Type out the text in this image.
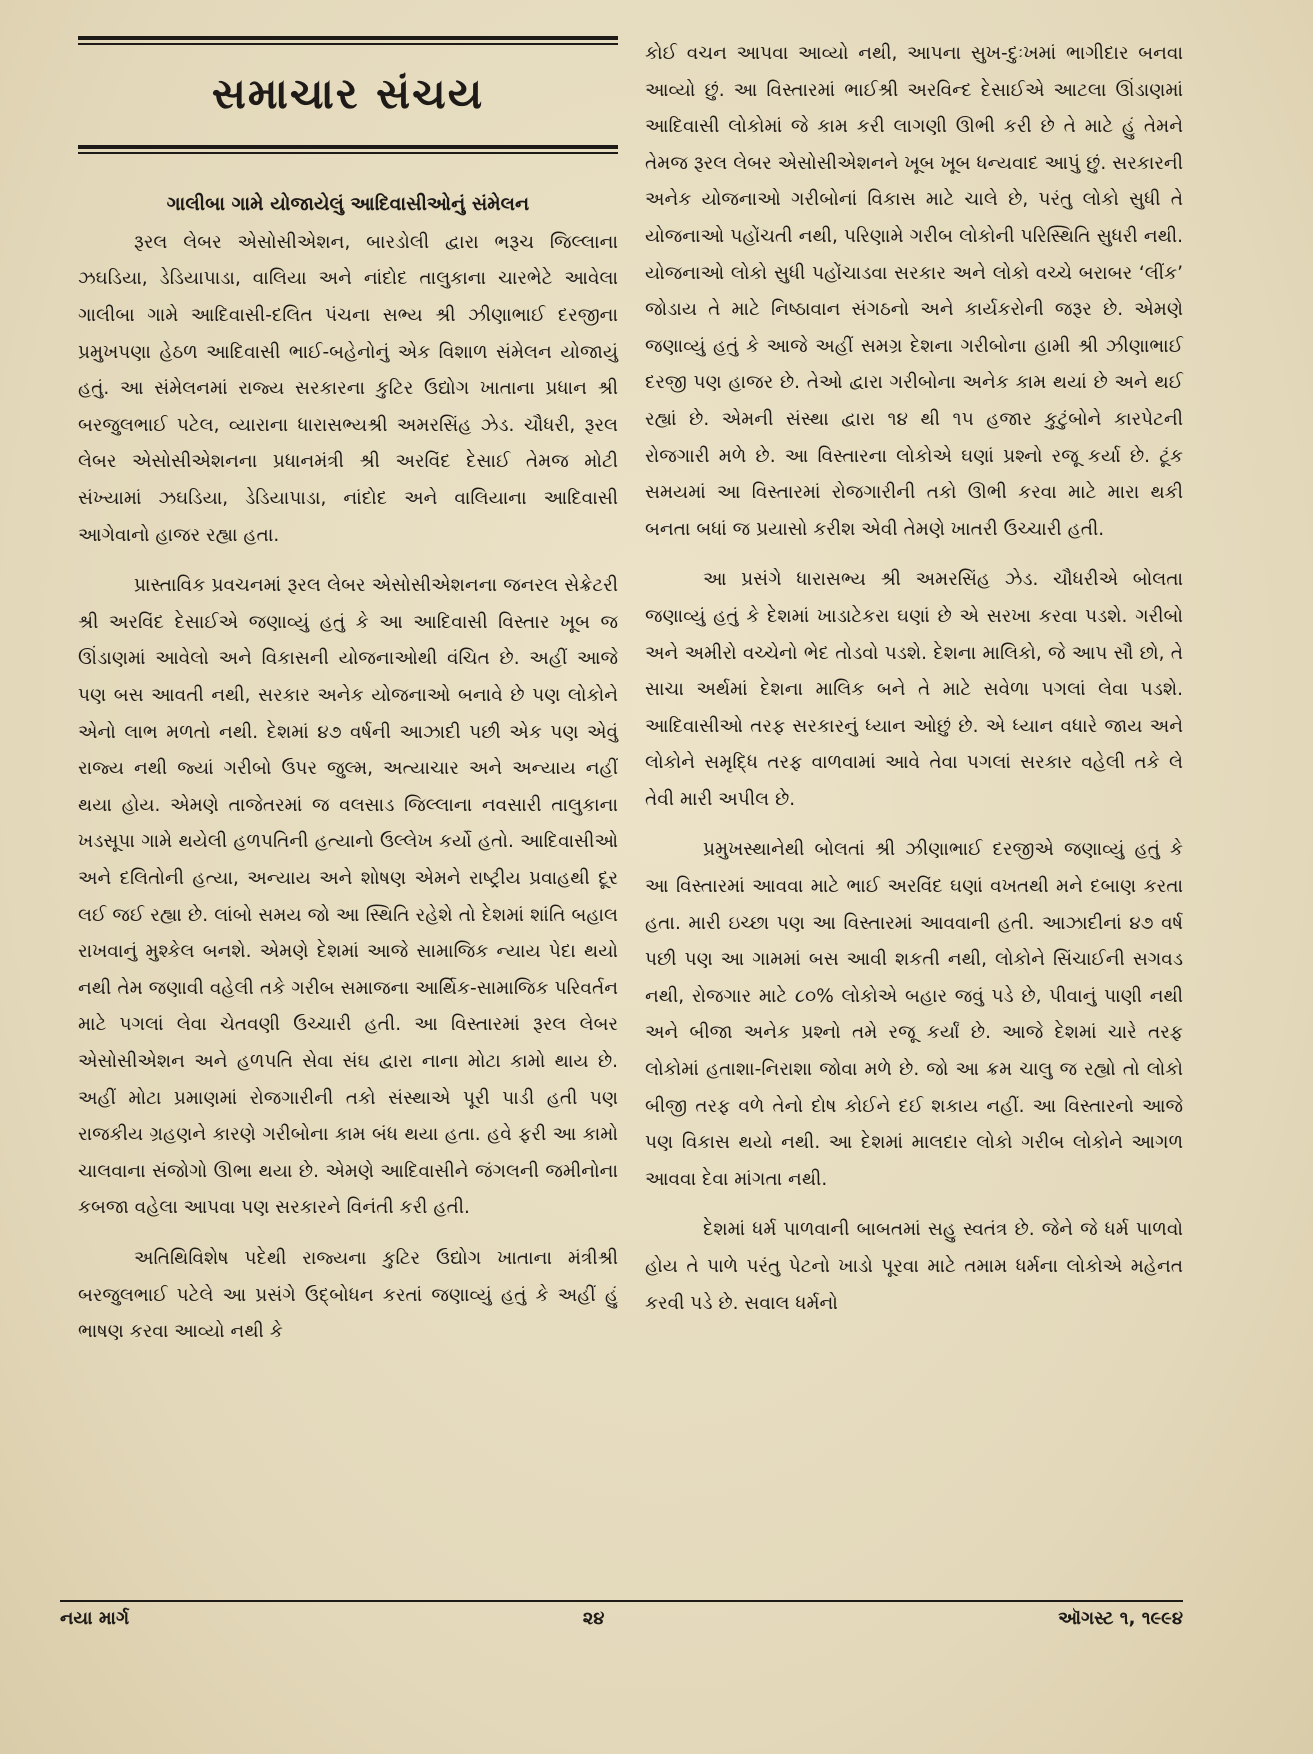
સમાચાર સંચય
ગાલીબા ગામે યોજાયેલું આદિવાસીઓનું સંમેલન

રૂરલ લેબર એસોસીએશન, બારડોલી દ્વારા ભરૂચ જિલ્લાના ઝઘડિયા, ડેડિયાપાડા, વાલિયા અને નાંદોદ તાલુકાના ચારભેટે આવેલા ગાલીબા ગામે આદિવાસી-દલિત પંચના સભ્ય શ્રી ઝીણાભાઈ દરજીના પ્રમુખપણા હેઠળ આદિવાસી ભાઈ-બહેનોનું એક વિશાળ સંમેલન યોજાયું હતું. આ સંમેલનમાં રાજ્ય સરકારના કુટિર ઉદ્યોગ ખાતાના પ્રધાન શ્રી બરજુલભાઈ પટેલ, વ્યારાના ધારાસભ્યશ્રી અમરસિંહ ઝેડ. ચૌધરી, રૂરલ લેબર એસોસીએશનના પ્રધાનમંત્રી શ્રી અરવિંદ દેસાઈ તેમજ મોટી સંખ્યામાં ઝઘડિયા, ડેડિયાપાડા, નાંદોદ અને વાલિયાના આદિવાસી આગેવાનો હાજર રહ્યા હતા.

પ્રાસ્તાવિક પ્રવચનમાં રૂરલ લેબર એસોસીએશનના જનરલ સેક્રેટરી શ્રી અરવિંદ દેસાઈએ જણાવ્યું હતું કે આ આદિવાસી વિસ્તાર ખૂબ જ ઊંડાણમાં આવેલો અને વિકાસની યોજનાઓથી વંચિત છે. અહીં આજે પણ બસ આવતી નથી, સરકાર અનેક યોજનાઓ બનાવે છે પણ લોકોને એનો લાભ મળતો નથી. દેશમાં ૪૭ વર્ષની આઝાદી પછી એક પણ એવું રાજ્ય નથી જ્યાં ગરીબો ઉપર જુલ્મ, અત્યાચાર અને અન્યાય નહીં થયા હોય. એમણે તાજેતરમાં જ વલસાડ જિલ્લાના નવસારી તાલુકાના ખડસૂપા ગામે થયેલી હળપતિની હત્યાનો ઉલ્લેખ કર્યો હતો. આદિવાસીઓ અને દલિતોની હત્યા, અન્યાય અને શોષણ એમને રાષ્ટ્રીય પ્રવાહથી દૂર લઈ જઈ રહ્યા છે. લાંબો સમય જો આ સ્થિતિ રહેશે તો દેશમાં શાંતિ બહાલ રાખવાનું મુશ્કેલ બનશે. એમણે દેશમાં આજે સામાજિક ન્યાય પેદા થયો નથી તેમ જણાવી વહેલી તકે ગરીબ સમાજના આર્થિક-સામાજિક પરિવર્તન માટે પગલાં લેવા ચેતવણી ઉચ્ચારી હતી. આ વિસ્તારમાં રૂરલ લેબર એસોસીએશન અને હળપતિ સેવા સંઘ દ્વારા નાના મોટા કામો થાય છે. અહીં મોટા પ્રમાણમાં રોજગારીની તકો સંસ્થાએ પૂરી પાડી હતી પણ રાજકીય ગ્રહણને કારણે ગરીબોના કામ બંધ થયા હતા. હવે ફરી આ કામો ચાલવાના સંજોગો ઊભા થયા છે. એમણે આદિવાસીને જંગલની જમીનોના કબજા વહેલા આપવા પણ સરકારને વિનંતી કરી હતી.

અતિથિવિશેષ પદેથી રાજ્યના કુટિર ઉદ્યોગ ખાતાના મંત્રીશ્રી બરજુલભાઈ પટેલે આ પ્રસંગે ઉદ્બોધન કરતાં જણાવ્યું હતું કે અહીં હું ભાષણ કરવા આવ્યો નથી કે

કોઈ વચન આપવા આવ્યો નથી, આપના સુખ-દુઃખમાં ભાગીદાર બનવા આવ્યો છું. આ વિસ્તારમાં ભાઈશ્રી અરવિન્દ દેસાઈએ આટલા ઊંડાણમાં આદિવાસી લોકોમાં જે કામ કરી લાગણી ઊભી કરી છે તે માટે હું તેમને તેમજ રૂરલ લેબર એસોસીએશનને ખૂબ ખૂબ ધન્યવાદ આપું છું. સરકારની અનેક યોજનાઓ ગરીબોનાં વિકાસ માટે ચાલે છે, પરંતુ લોકો સુધી તે યોજનાઓ પહોંચતી નથી, પરિણામે ગરીબ લોકોની પરિસ્થિતિ સુધરી નથી. યોજનાઓ લોકો સુધી પહોંચાડવા સરકાર અને લોકો વચ્ચે બરાબર ‘લીંક’ જોડાય તે માટે નિષ્ઠાવાન સંગઠનો અને કાર્યકરોની જરૂર છે. એમણે જણાવ્યું હતું કે આજે અહીં સમગ્ર દેશના ગરીબોના હામી શ્રી ઝીણાભાઈ દરજી પણ હાજર છે. તેઓ દ્વારા ગરીબોના અનેક કામ થયાં છે અને થઈ રહ્યાં છે. એમની સંસ્થા દ્વારા ૧૪ થી ૧૫ હજાર કુટુંબોને કારપેટની રોજગારી મળે છે. આ વિસ્તારના લોકોએ ઘણાં પ્રશ્નો રજૂ કર્યા છે. ટૂંક સમયમાં આ વિસ્તારમાં રોજગારીની તકો ઊભી કરવા માટે મારા થકી બનતા બધાં જ પ્રયાસો કરીશ એવી તેમણે ખાતરી ઉચ્ચારી હતી.

આ પ્રસંગે ધારાસભ્ય શ્રી અમરસિંહ ઝેડ. ચૌધરીએ બોલતા જણાવ્યું હતું કે દેશમાં ખાડાટેકરા ઘણાં છે એ સરખા કરવા પડશે. ગરીબો અને અમીરો વચ્ચેનો ભેદ તોડવો પડશે. દેશના માલિકો, જે આપ સૌ છો, તે સાચા અર્થમાં દેશના માલિક બને તે માટે સવેળા પગલાં લેવા પડશે. આદિવાસીઓ તરફ સરકારનું ધ્યાન ઓછું છે. એ ધ્યાન વધારે જાય અને લોકોને સમૃદ્ધિ તરફ વાળવામાં આવે તેવા પગલાં સરકાર વહેલી તકે લે તેવી મારી અપીલ છે.

પ્રમુખસ્થાનેથી બોલતાં શ્રી ઝીણાભાઈ દરજીએ જણાવ્યું હતું કે આ વિસ્તારમાં આવવા માટે ભાઈ અરવિંદ ઘણાં વખતથી મને દબાણ કરતા હતા. મારી ઇચ્છા પણ આ વિસ્તારમાં આવવાની હતી. આઝાદીનાં ૪૭ વર્ષ પછી પણ આ ગામમાં બસ આવી શકતી નથી, લોકોને સિંચાઈની સગવડ નથી, રોજગાર માટે ૮૦% લોકોએ બહાર જવું પડે છે, પીવાનું પાણી નથી અને બીજા અનેક પ્રશ્નો તમે રજૂ કર્યાં છે. આજે દેશમાં ચારે તરફ લોકોમાં હતાશા-નિરાશા જોવા મળે છે. જો આ ક્રમ ચાલુ જ રહ્યો તો લોકો બીજી તરફ વળે તેનો દોષ કોઈને દઈ શકાય નહીં. આ વિસ્તારનો આજે પણ વિકાસ થયો નથી. આ દેશમાં માલદાર લોકો ગરીબ લોકોને આગળ આવવા દેવા માંગતા નથી.

દેશમાં ધર્મ પાળવાની બાબતમાં સહુ સ્વતંત્ર છે. જેને જે ધર્મ પાળવો હોય તે પાળે પરંતુ પેટનો ખાડો પૂરવા માટે તમામ ધર્મના લોકોએ મહેનત કરવી પડે છે. સવાલ ધર્મનો

નયા માર્ગ	૨૪	ઑગસ્ટ ૧, ૧૯૯૪
